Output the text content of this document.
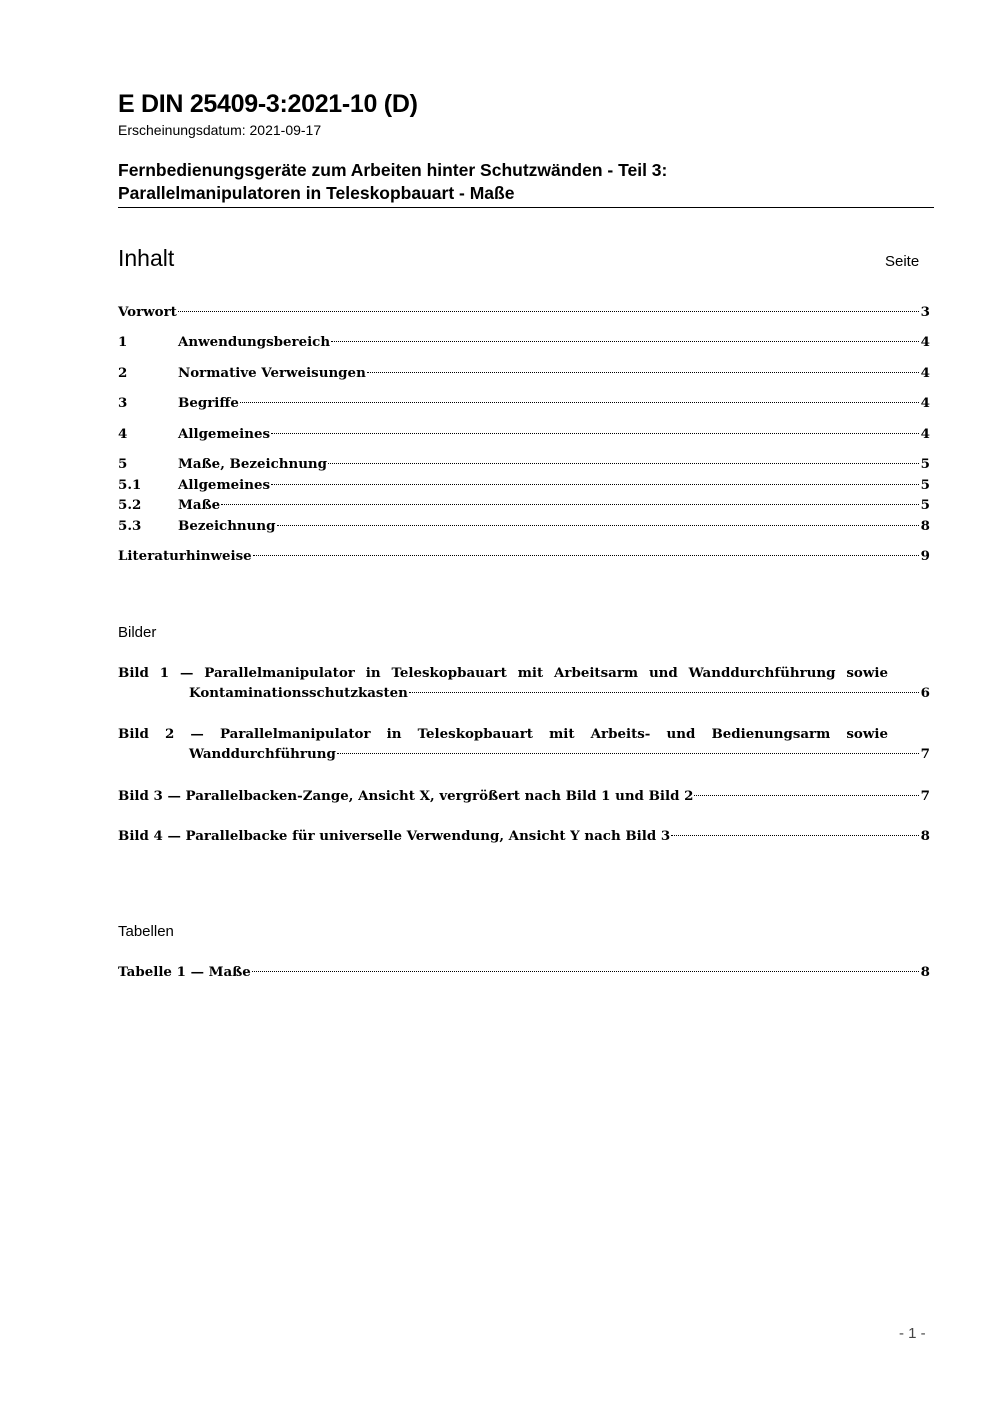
E DIN 25409-3:2021-10 (D)
Erscheinungsdatum: 2021-09-17
Fernbedienungsgeräte zum Arbeiten hinter Schutzwänden - Teil 3:
Parallelmanipulatoren in Teleskopbauart - Maße
Inhalt	Seite
Vorwort	3
1	Anwendungsbereich	4
2	Normative Verweisungen	4
3	Begriffe	4
4	Allgemeines	4
5	Maße, Bezeichnung	5
5.1	Allgemeines	5
5.2	Maße	5
5.3	Bezeichnung	8
Literaturhinweise	9
Bilder
Bild 1 — Parallelmanipulator in Teleskopbauart mit Arbeitsarm und Wanddurchführung sowie
Kontaminationsschutzkasten	6
Bild 2 — Parallelmanipulator in Teleskopbauart mit Arbeits- und Bedienungsarm sowie
Wanddurchführung	7
Bild 3 — Parallelbacken-Zange, Ansicht X, vergrößert nach Bild 1 und Bild 2	7
Bild 4 — Parallelbacke für universelle Verwendung, Ansicht Y nach Bild 3	8
Tabellen
Tabelle 1 — Maße	8
- 1 -
